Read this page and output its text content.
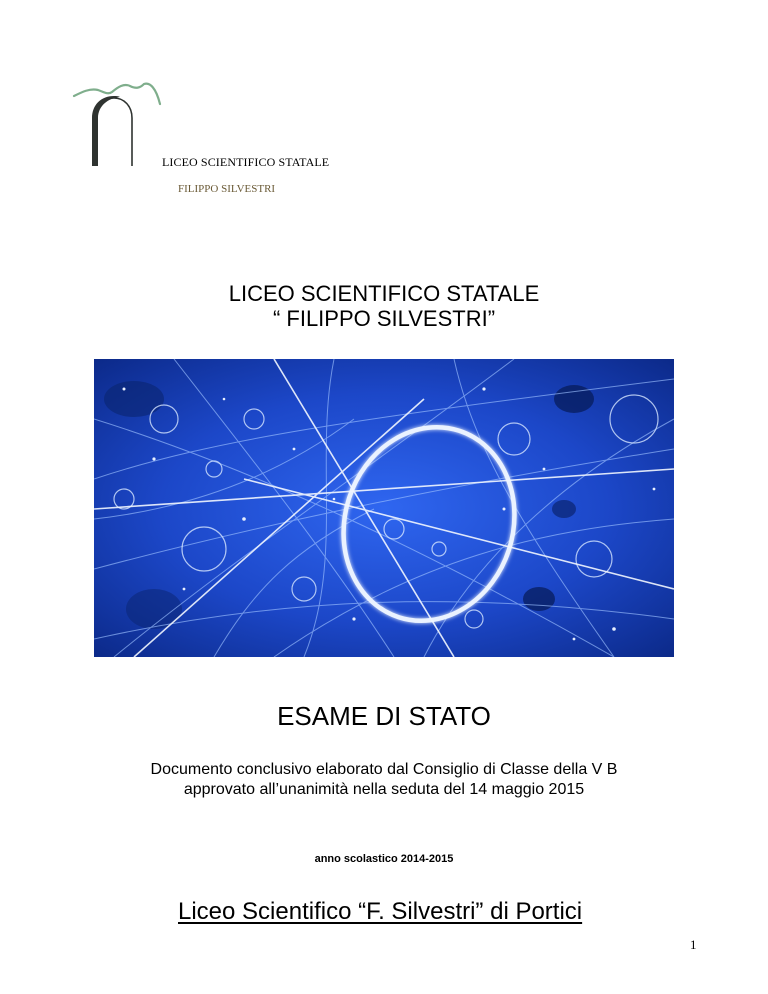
LICEO SCIENTIFICO STATALE
FILIPPO SILVESTRI
LICEO SCIENTIFICO STATALE
“ FILIPPO SILVESTRI”
ESAME DI STATO
Documento conclusivo elaborato dal Consiglio di Classe della V B
approvato all’unanimità nella seduta del 14 maggio 2015
anno scolastico 2014-2015
Liceo Scientifico “F. Silvestri” di Portici
1
